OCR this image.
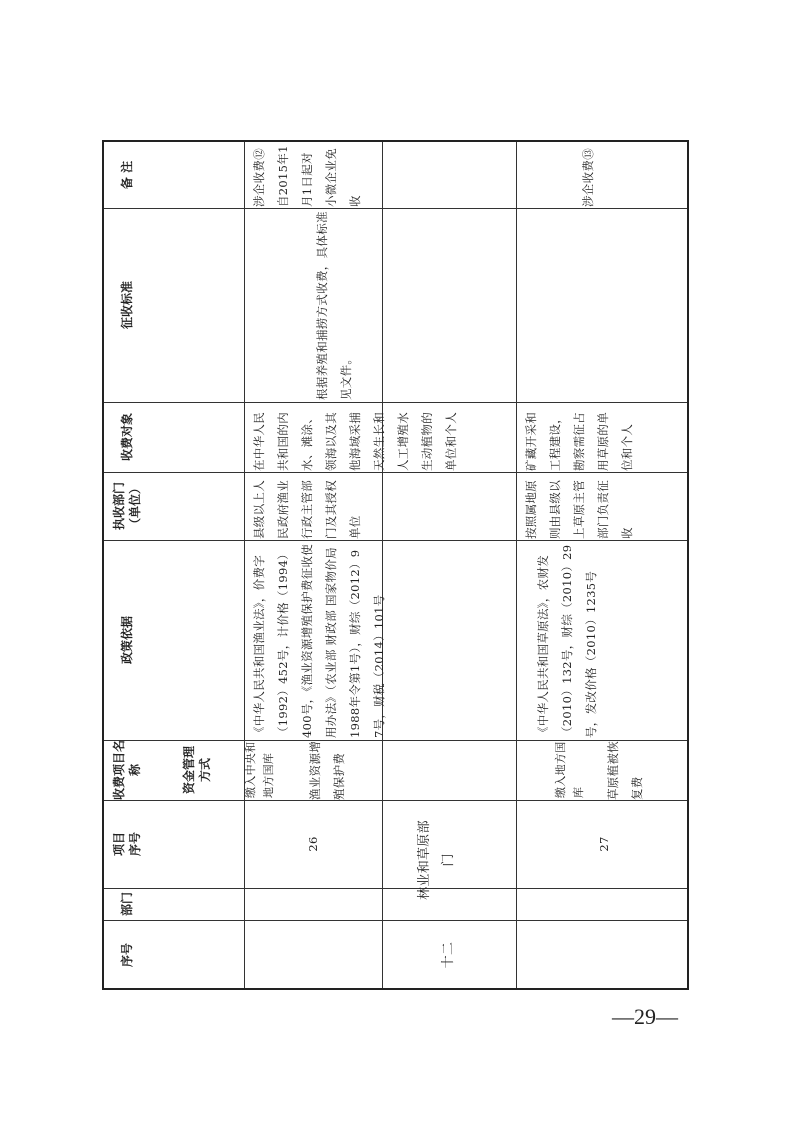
序号
部门
项目
序号
收费项目名称
政策依据
执收部门
（单位）
收费对象
征收标准
备 注
26
渔业资源增殖保护费
《中华人民共和国渔业法》，价费字（1992）452号，计价格（1994）400号，《渔业资源增殖保护费征收使用办法》（农业部 财政部 国家物价局1988年令第1号），财综（2012）97号，财税（2014）101号
县级以上人民政府渔业行政主管部门及其授权单位
在中华人民共和国的内水、滩涂、领海以及其他海域采捕天然生长和人工增殖水生动植物的单位和个人
根据养殖和捕捞方式收费，具体标准见文件。
涉企收费⑫自2015年1月1日起对小微企业免收
资金管理
方式
十二
林业和草原部门
27
草原植被恢复费
《中华人民共和国草原法》，农财发（2010）132号，财综（2010）29号，发改价格（2010）1235号
按照属地原则由县级以上草原主管部门负责征收
矿藏开采和工程建设，勘察需征占用草原的单位和个人
涉企收费⑬
缴入中央和地方国库	缴入地方国库
—29—
